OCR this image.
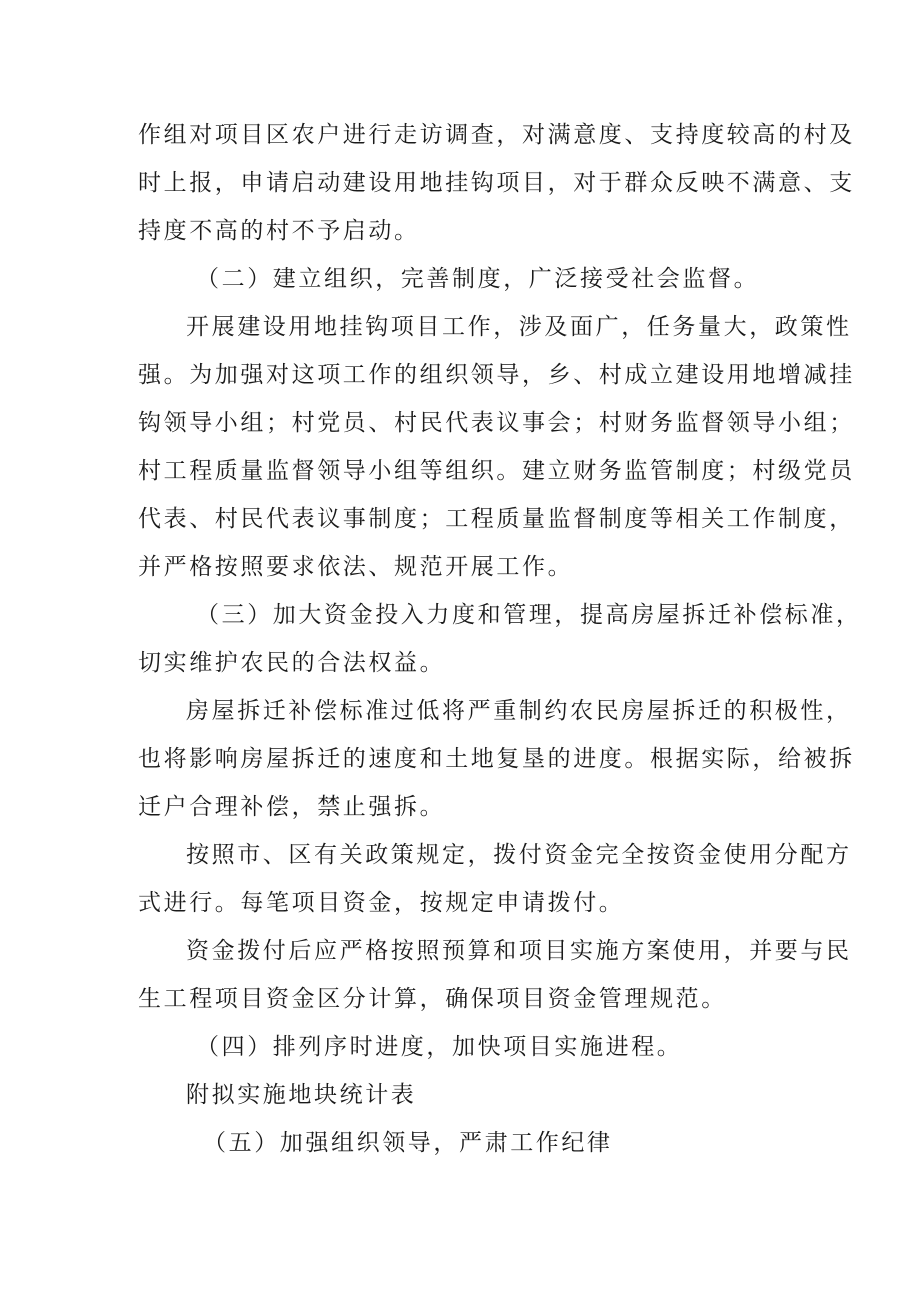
作组对项目区农户进行走访调查，对满意度、支持度较高的村及

时上报，申请启动建设用地挂钩项目，对于群众反映不满意、支

持度不高的村不予启动。

（二）建立组织，完善制度，广泛接受社会监督。

开展建设用地挂钩项目工作，涉及面广，任务量大，政策性

强。为加强对这项工作的组织领导，乡、村成立建设用地增减挂

钩领导小组；村党员、村民代表议事会；村财务监督领导小组；

村工程质量监督领导小组等组织。建立财务监管制度；村级党员

代表、村民代表议事制度；工程质量监督制度等相关工作制度，

并严格按照要求依法、规范开展工作。

（三）加大资金投入力度和管理，提高房屋拆迁补偿标准，

切实维护农民的合法权益。

房屋拆迁补偿标准过低将严重制约农民房屋拆迁的积极性，

也将影响房屋拆迁的速度和土地复垦的进度。根据实际，给被拆

迁户合理补偿，禁止强拆。

按照市、区有关政策规定，拨付资金完全按资金使用分配方

式进行。每笔项目资金，按规定申请拨付。

资金拨付后应严格按照预算和项目实施方案使用，并要与民

生工程项目资金区分计算，确保项目资金管理规范。

（四）排列序时进度，加快项目实施进程。

附拟实施地块统计表

（五）加强组织领导，严肃工作纪律
